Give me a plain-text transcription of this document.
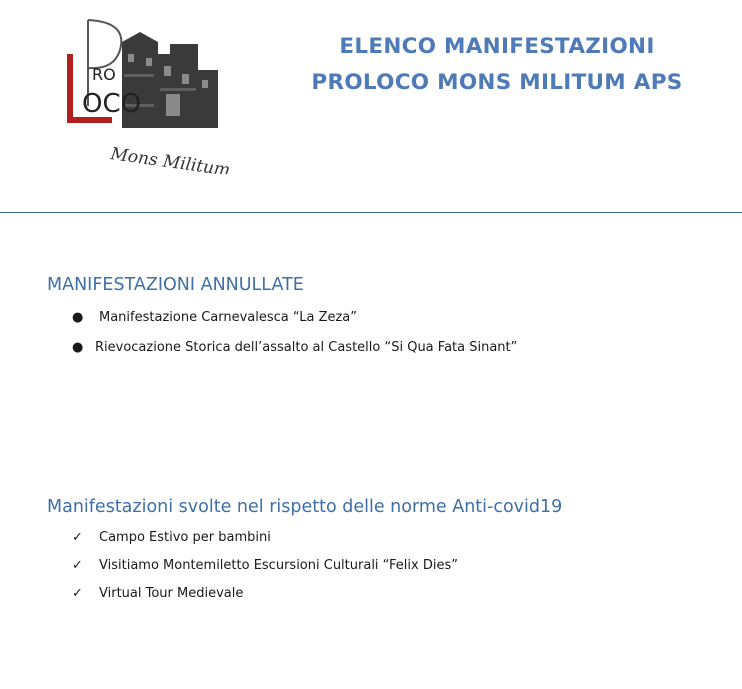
RO
OCO
Mons Militum
ELENCO MANIFESTAZIONI
PROLOCO MONS MILITUM APS
MANIFESTAZIONI ANNULLATE
● Manifestazione Carnevalesca “La Zeza”
● Rievocazione Storica dell’assalto al Castello “Si Qua Fata Sinant”
Manifestazioni svolte nel rispetto delle norme Anti-covid19
✓ Campo Estivo per bambini
✓ Visitiamo Montemiletto Escursioni Culturali “Felix Dies”
✓ Virtual Tour Medievale
